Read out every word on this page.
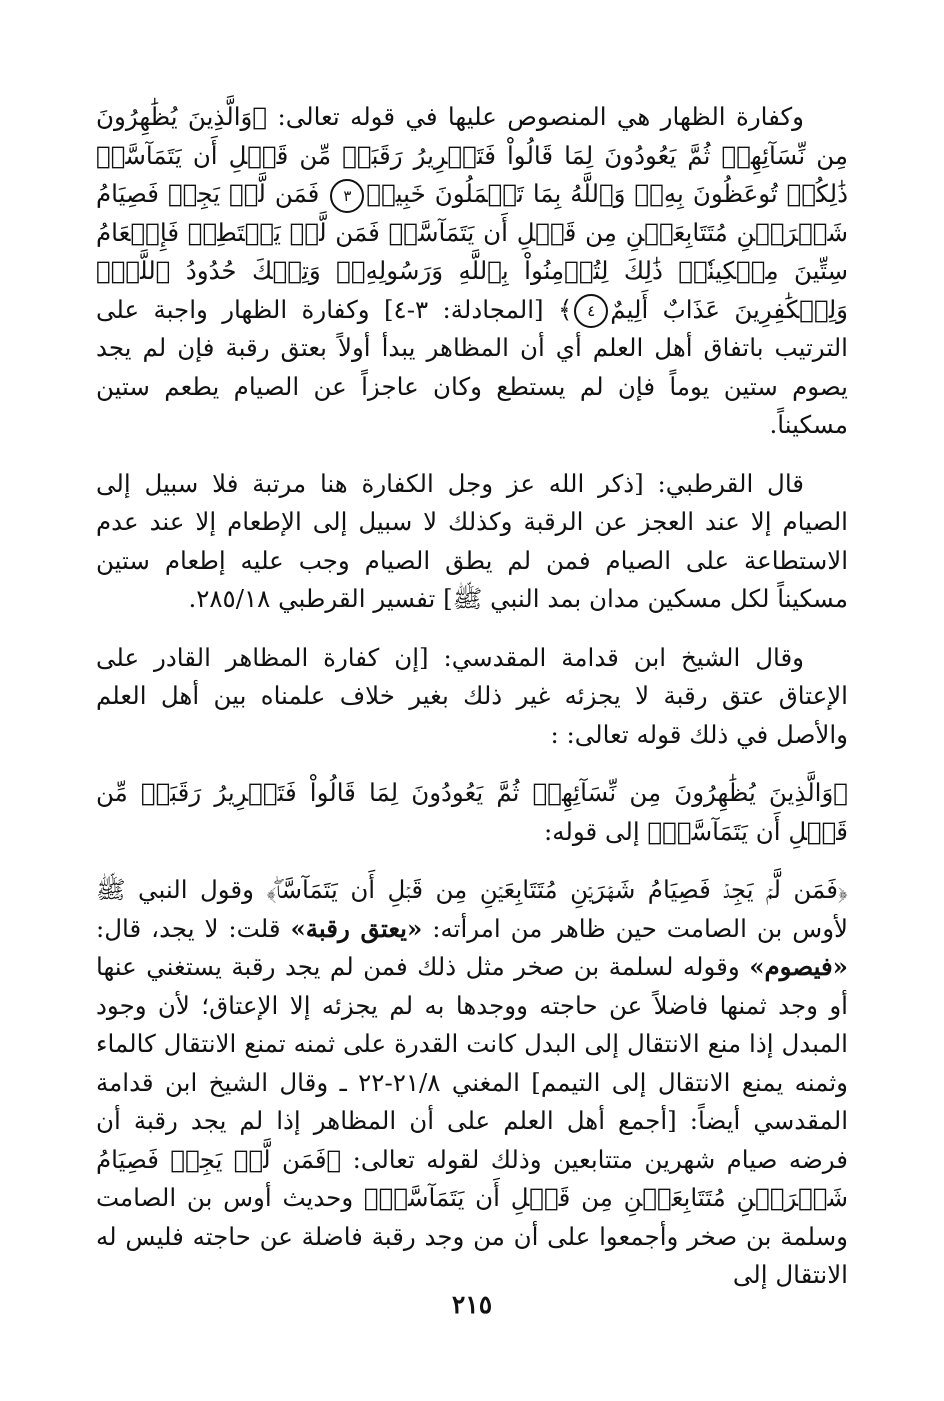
وكفارة الظهار هي المنصوص عليها في قوله تعالى: ﴿وَالَّذِينَ يُظَٰهِرُونَ مِن نِّسَآئِهِمۡ ثُمَّ يَعُودُونَ لِمَا قَالُواْ فَتَحۡرِيرُ رَقَبَةٖ مِّن قَبۡلِ أَن يَتَمَآسَّاۚ ذَٰلِكُمۡ تُوعَظُونَ بِهِۦۚ وَٱللَّهُ بِمَا تَعۡمَلُونَ خَبِيرٞ٣ فَمَن لَّمۡ يَجِدۡ فَصِيَامُ شَهۡرَيۡنِ مُتَتَابِعَيۡنِ مِن قَبۡلِ أَن يَتَمَآسَّاۖ فَمَن لَّمۡ يَسۡتَطِعۡ فَإِطۡعَامُ سِتِّينَ مِسۡكِينٗاۚ ذَٰلِكَ لِتُؤۡمِنُواْ بِٱللَّهِ وَرَسُولِهِۦۚ وَتِلۡكَ حُدُودُ ٱللَّهِۗ وَلِلۡكَٰفِرِينَ عَذَابٌ أَلِيمٌ٤﴾ [المجادلة: ٣-٤] وكفارة الظهار واجبة على الترتيب باتفاق أهل العلم أي أن المظاهر يبدأ أولاً بعتق رقبة فإن لم يجد يصوم ستين يوماً فإن لم يستطع وكان عاجزاً عن الصيام يطعم ستين مسكيناً.

قال القرطبي: [ذكر الله عز وجل الكفارة هنا مرتبة فلا سبيل إلى الصيام إلا عند العجز عن الرقبة وكذلك لا سبيل إلى الإطعام إلا عند عدم الاستطاعة على الصيام فمن لم يطق الصيام وجب عليه إطعام ستين مسكيناً لكل مسكين مدان بمد النبي ﷺ] تفسير القرطبي ٢٨٥/١٨.

وقال الشيخ ابن قدامة المقدسي: [إن كفارة المظاهر القادر على الإعتاق عتق رقبة لا يجزئه غير ذلك بغير خلاف علمناه بين أهل العلم والأصل في ذلك قوله تعالى: :

﴿وَالَّذِينَ يُظَٰهِرُونَ مِن نِّسَآئِهِمۡ ثُمَّ يَعُودُونَ لِمَا قَالُواْ فَتَحۡرِيرُ رَقَبَةٖ مِّن قَبۡلِ أَن يَتَمَآسَّاۚ﴾ إلى قوله:

﴿فَمَن لَّمۡ يَجِدۡ فَصِيَامُ شَهۡرَيۡنِ مُتَتَابِعَيۡنِ مِن قَبۡلِ أَن يَتَمَآسَّاۖ﴾ وقول النبي ﷺ لأوس بن الصامت حين ظاهر من امرأته: «يعتق رقبة» قلت: لا يجد، قال: «فيصوم» وقوله لسلمة بن صخر مثل ذلك فمن لم يجد رقبة يستغني عنها أو وجد ثمنها فاضلاً عن حاجته ووجدها به لم يجزئه إلا الإعتاق؛ لأن وجود المبدل إذا منع الانتقال إلى البدل كانت القدرة على ثمنه تمنع الانتقال كالماء وثمنه يمنع الانتقال إلى التيمم] المغني ٢١/٨-٢٢ ـ وقال الشيخ ابن قدامة المقدسي أيضاً: [أجمع أهل العلم على أن المظاهر إذا لم يجد رقبة أن فرضه صيام شهرين متتابعين وذلك لقوله تعالى: ﴿فَمَن لَّمۡ يَجِدۡ فَصِيَامُ شَهۡرَيۡنِ مُتَتَابِعَيۡنِ مِن قَبۡلِ أَن يَتَمَآسَّاۖ﴾ وحديث أوس بن الصامت وسلمة بن صخر وأجمعوا على أن من وجد رقبة فاضلة عن حاجته فليس له الانتقال إلى

٢١٥
